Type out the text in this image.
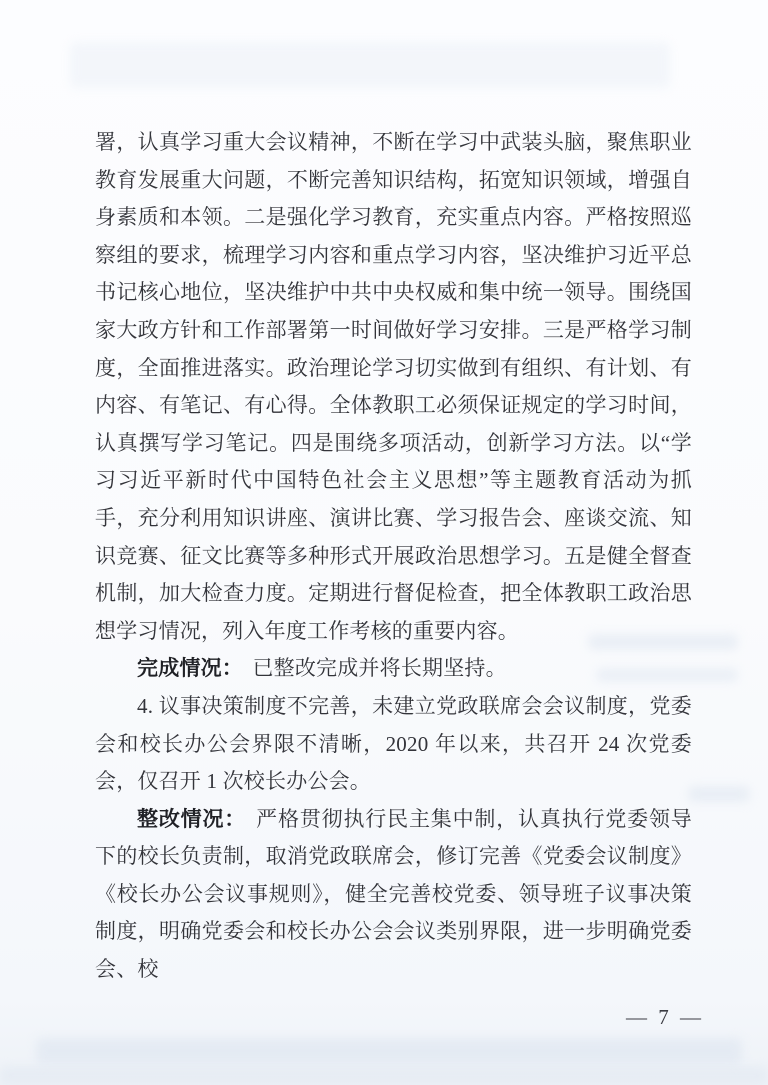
署，认真学习重大会议精神，不断在学习中武装头脑，聚焦职业教育发展重大问题，不断完善知识结构，拓宽知识领域，增强自身素质和本领。二是强化学习教育，充实重点内容。严格按照巡察组的要求，梳理学习内容和重点学习内容，坚决维护习近平总书记核心地位，坚决维护中共中央权威和集中统一领导。围绕国家大政方针和工作部署第一时间做好学习安排。三是严格学习制度，全面推进落实。政治理论学习切实做到有组织、有计划、有内容、有笔记、有心得。全体教职工必须保证规定的学习时间，认真撰写学习笔记。四是围绕多项活动，创新学习方法。以“学习习近平新时代中国特色社会主义思想”等主题教育活动为抓手，充分利用知识讲座、演讲比赛、学习报告会、座谈交流、知识竞赛、征文比赛等多种形式开展政治思想学习。五是健全督查机制，加大检查力度。定期进行督促检查，把全体教职工政治思想学习情况，列入年度工作考核的重要内容。

完成情况： 已整改完成并将长期坚持。

4. 议事决策制度不完善，未建立党政联席会会议制度，党委会和校长办公会界限不清晰，2020 年以来，共召开 24 次党委会，仅召开 1 次校长办公会。

整改情况： 严格贯彻执行民主集中制，认真执行党委领导下的校长负责制，取消党政联席会，修订完善《党委会议制度》《校长办公会议事规则》，健全完善校党委、领导班子议事决策制度，明确党委会和校长办公会会议类别界限，进一步明确党委会、校

— 7 —
